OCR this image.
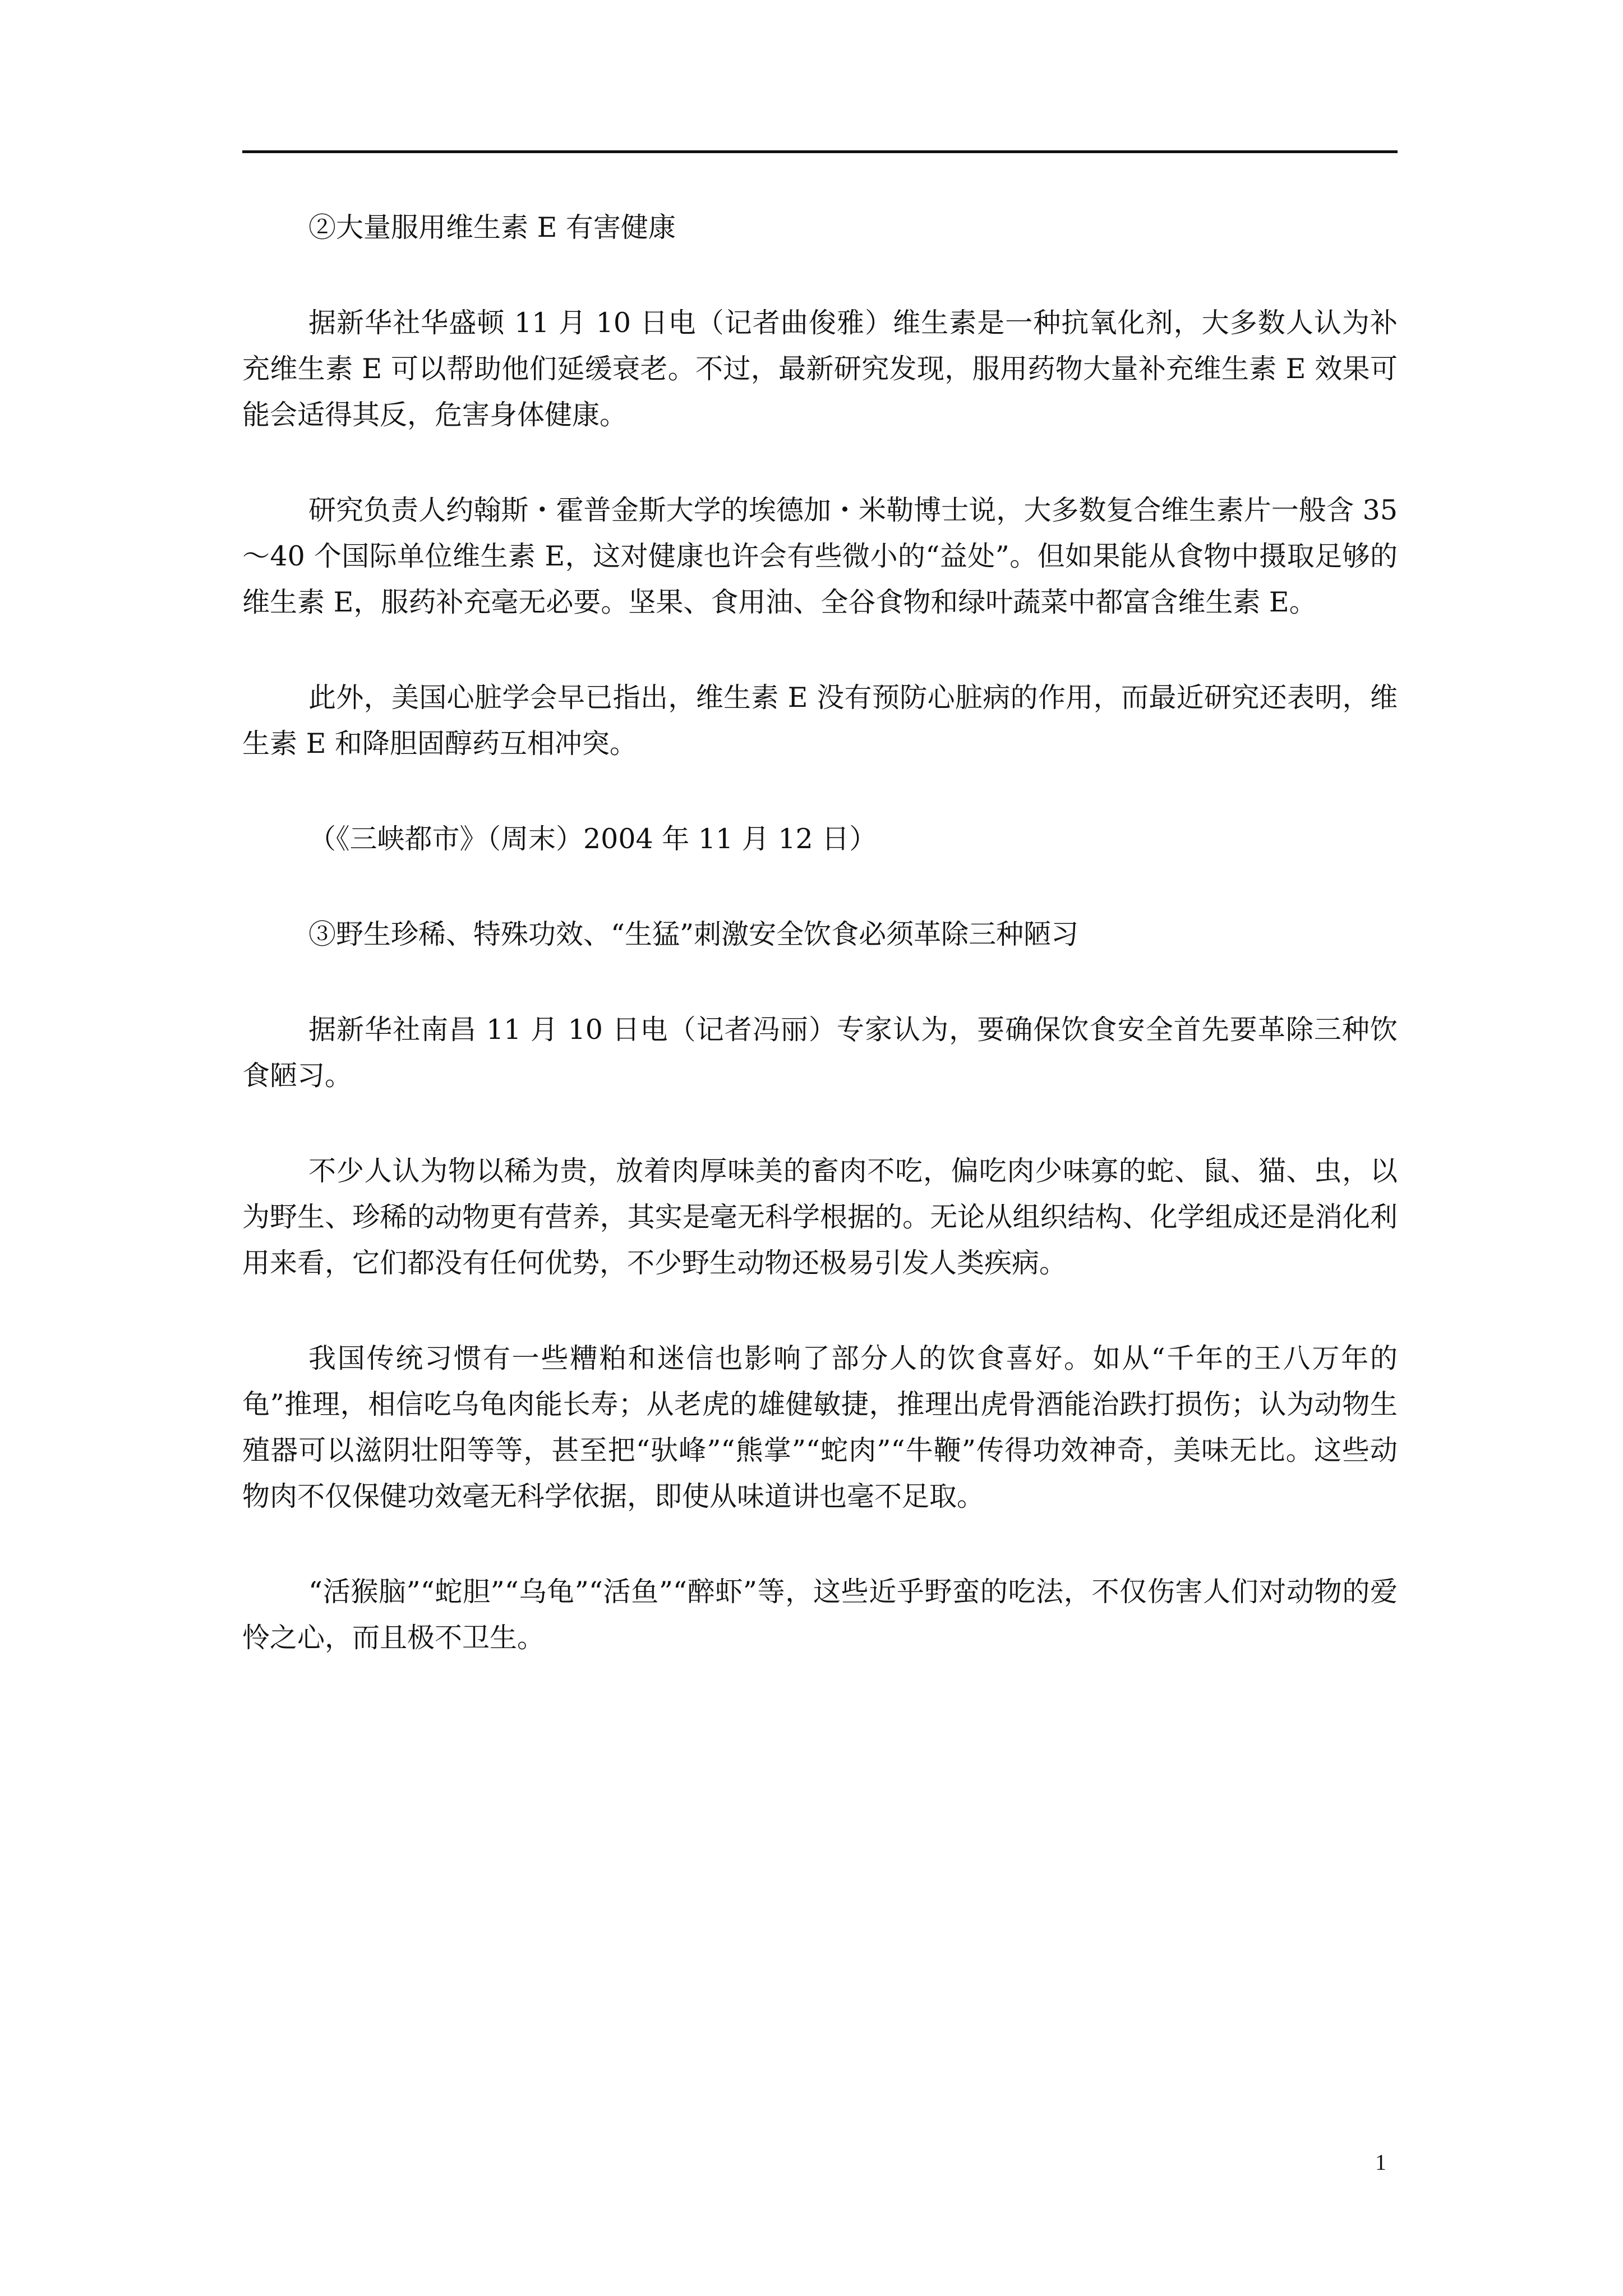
②大量服用维生素 E 有害健康

据新华社华盛顿 11 月 10 日电（记者曲俊雅）维生素是一种抗氧化剂，大多数人认为补充维生素 E 可以帮助他们延缓衰老。不过，最新研究发现，服用药物大量补充维生素 E 效果可能会适得其反，危害身体健康。

研究负责人约翰斯・霍普金斯大学的埃德加・米勒博士说，大多数复合维生素片一般含 35～40 个国际单位维生素 E，这对健康也许会有些微小的“益处”。但如果能从食物中摄取足够的维生素 E，服药补充毫无必要。坚果、食用油、全谷食物和绿叶蔬菜中都富含维生素 E。

此外，美国心脏学会早已指出，维生素 E 没有预防心脏病的作用，而最近研究还表明，维生素 E 和降胆固醇药互相冲突。

（《三峡都市》（周末）2004 年 11 月 12 日）

③野生珍稀、特殊功效、“生猛”刺激安全饮食必须革除三种陋习

据新华社南昌 11 月 10 日电（记者冯丽）专家认为，要确保饮食安全首先要革除三种饮食陋习。

不少人认为物以稀为贵，放着肉厚味美的畜肉不吃，偏吃肉少味寡的蛇、鼠、猫、虫，以为野生、珍稀的动物更有营养，其实是毫无科学根据的。无论从组织结构、化学组成还是消化利用来看，它们都没有任何优势，不少野生动物还极易引发人类疾病。

我国传统习惯有一些糟粕和迷信也影响了部分人的饮食喜好。如从“千年的王八万年的龟”推理，相信吃乌龟肉能长寿；从老虎的雄健敏捷，推理出虎骨酒能治跌打损伤；认为动物生殖器可以滋阴壮阳等等，甚至把“驮峰”“熊掌”“蛇肉”“牛鞭”传得功效神奇，美味无比。这些动物肉不仅保健功效毫无科学依据，即使从味道讲也毫不足取。

“活猴脑”“蛇胆”“乌龟”“活鱼”“醉虾”等，这些近乎野蛮的吃法，不仅伤害人们对动物的爱怜之心，而且极不卫生。

1
